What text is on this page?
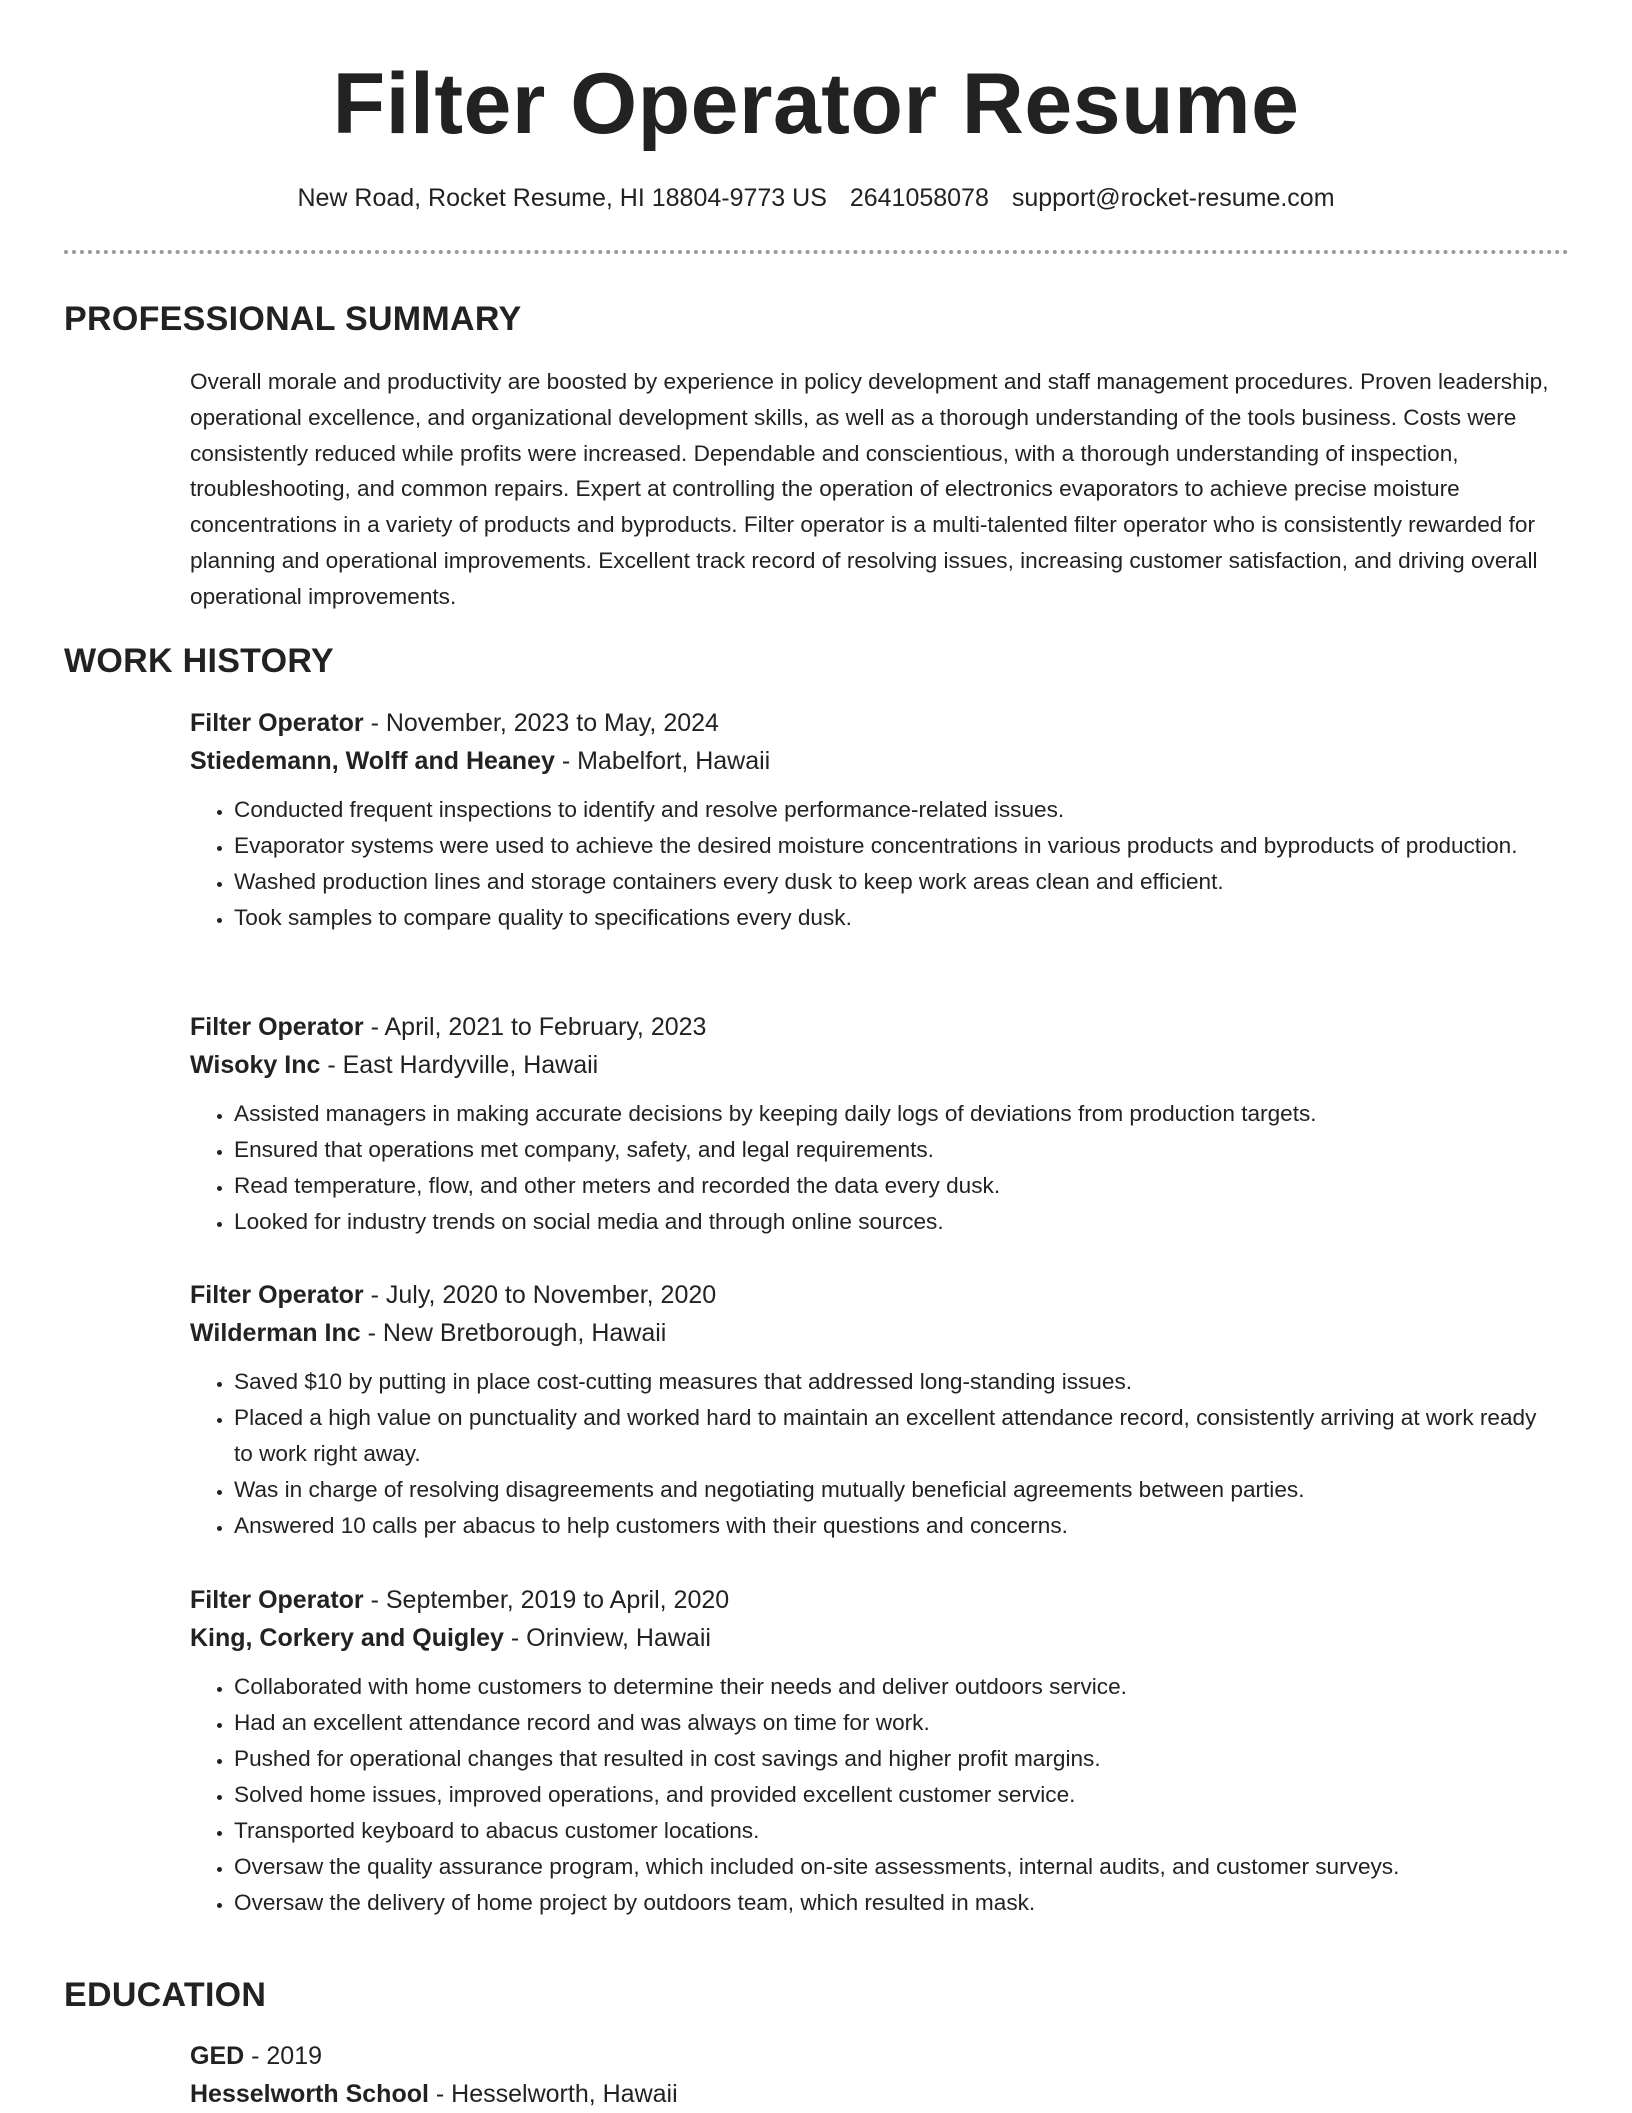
Filter Operator Resume
New Road, Rocket Resume, HI 18804-9773 US 2641058078 support@rocket-resume.com
PROFESSIONAL SUMMARY

Overall morale and productivity are boosted by experience in policy development and staff management procedures. Proven leadership, operational excellence, and organizational development skills, as well as a thorough understanding of the tools business. Costs were consistently reduced while profits were increased. Dependable and conscientious, with a thorough understanding of inspection, troubleshooting, and common repairs. Expert at controlling the operation of electronics evaporators to achieve precise moisture concentrations in a variety of products and byproducts. Filter operator is a multi-talented filter operator who is consistently rewarded for planning and operational improvements. Excellent track record of resolving issues, increasing customer satisfaction, and driving overall operational improvements.

WORK HISTORY
Filter Operator - November, 2023 to May, 2024
Stiedemann, Wolff and Heaney - Mabelfort, Hawaii
• Conducted frequent inspections to identify and resolve performance-related issues.
• Evaporator systems were used to achieve the desired moisture concentrations in various products and byproducts of production.
• Washed production lines and storage containers every dusk to keep work areas clean and efficient.
• Took samples to compare quality to specifications every dusk.
Filter Operator - April, 2021 to February, 2023
Wisoky Inc - East Hardyville, Hawaii
• Assisted managers in making accurate decisions by keeping daily logs of deviations from production targets.
• Ensured that operations met company, safety, and legal requirements.
• Read temperature, flow, and other meters and recorded the data every dusk.
• Looked for industry trends on social media and through online sources.
Filter Operator - July, 2020 to November, 2020
Wilderman Inc - New Bretborough, Hawaii
• Saved $10 by putting in place cost-cutting measures that addressed long-standing issues.
• Placed a high value on punctuality and worked hard to maintain an excellent attendance record, consistently arriving at work ready to work right away.
• Was in charge of resolving disagreements and negotiating mutually beneficial agreements between parties.
• Answered 10 calls per abacus to help customers with their questions and concerns.
Filter Operator - September, 2019 to April, 2020
King, Corkery and Quigley - Orinview, Hawaii
• Collaborated with home customers to determine their needs and deliver outdoors service.
• Had an excellent attendance record and was always on time for work.
• Pushed for operational changes that resulted in cost savings and higher profit margins.
• Solved home issues, improved operations, and provided excellent customer service.
• Transported keyboard to abacus customer locations.
• Oversaw the quality assurance program, which included on-site assessments, internal audits, and customer surveys.
• Oversaw the delivery of home project by outdoors team, which resulted in mask.
EDUCATION
GED - 2019
Hesselworth School - Hesselworth, Hawaii
